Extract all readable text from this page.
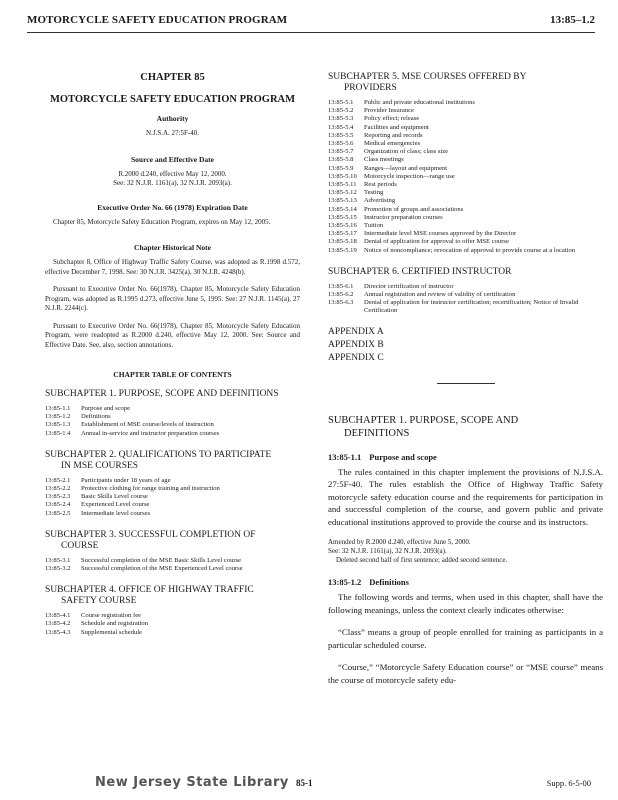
MOTORCYCLE SAFETY EDUCATION PROGRAM	13:85–1.2
CHAPTER 85
MOTORCYCLE SAFETY EDUCATION PROGRAM
Authority
N.J.S.A. 27:5F-40.
Source and Effective Date
R.2000 d.240, effective May 12, 2000.
See: 32 N.J.R. 1161(a), 32 N.J.R. 2093(a).
Executive Order No. 66 (1978) Expiration Date
Chapter 85, Motorcycle Safety Education Program, expires on May 12, 2005.
Chapter Historical Note
Subchapter 8, Office of Highway Traffic Safety Course, was adopted as R.1998 d.572, effective December 7, 1998. See: 30 N.J.R. 3425(a), 30 N.J.R. 4248(b).
Pursuant to Executive Order No. 66(1978), Chapter 85, Motorcycle Safety Education Program, was adopted as R.1995 d.273, effective June 5, 1995. See: 27 N.J.R. 1145(a), 27 N.J.R. 2244(c).
Pursuant to Executive Order No. 66(1978), Chapter 85, Motorcycle Safety Education Program, were readopted as R.2000 d.240, effective May 12, 2000. See: Source and Effective Date. See, also, section annotations.
CHAPTER TABLE OF CONTENTS
SUBCHAPTER 1. PURPOSE, SCOPE AND DEFINITIONS
13:85-1.1	Purpose and scope
13:85-1.2	Definitions
13:85-1.3	Establishment of MSE course/levels of instruction
13:85-1.4	Annual in-service and instructor preparation courses
SUBCHAPTER 2. QUALIFICATIONS TO PARTICIPATE
IN MSE COURSES
13:85-2.1	Participants under 18 years of age
13:85-2.2	Protective clothing for range training and instruction
13:85-2.3	Basic Skills Level course
13:85-2.4	Experienced Level course
13:85-2.5	Intermediate level courses
SUBCHAPTER 3. SUCCESSFUL COMPLETION OF
COURSE
13:85-3.1	Successful completion of the MSE Basic Skills Level course
13:85-3.2	Successful completion of the MSE Experienced Level course
SUBCHAPTER 4. OFFICE OF HIGHWAY TRAFFIC
SAFETY COURSE
13:85-4.1	Course registration fee
13:85-4.2	Schedule and registration
13:85-4.3	Supplemental schedule
SUBCHAPTER 5. MSE COURSES OFFERED BY
PROVIDERS
13:85-5.1	Public and private educational institutions
13:85-5.2	Provider Insurance
13:85-5.3	Policy effect; release
13:85-5.4	Facilities and equipment
13:85-5.5	Reporting and records
13:85-5.6	Medical emergencies
13:85-5.7	Organization of class; class size
13:85-5.8	Class meetings
13:85-5.9	Ranges—layout and equipment
13:85-5.10	Motorcycle inspection—range use
13:85-5.11	Rest periods
13:85-5.12	Testing
13:85-5.13	Advertising
13:85-5.14	Promotion of groups and associations
13:85-5.15	Instructor preparation courses
13:85-5.16	Tuition
13:85-5.17	Intermediate level MSE courses approved by the Director
13:85-5.18	Denial of application for approval to offer MSE course
13:85-5.19	Notice of noncompliance; revocation of approval to provide course at a location
SUBCHAPTER 6. CERTIFIED INSTRUCTOR
13:85-6.1	Director certification of instructor
13:85-6.2	Annual registration and review of validity of certification
13:85-6.3	Denial of application for instructor certification; recertification; Notice of Invalid Certification
APPENDIX A
APPENDIX B
APPENDIX C
SUBCHAPTER 1. PURPOSE, SCOPE AND
DEFINITIONS
13:85-1.1 Purpose and scope

The rules contained in this chapter implement the provisions of N.J.S.A. 27:5F-40. The rules establish the Office of Highway Traffic Safety motorcycle safety education course and the requirements for participation in and successful completion of the course, and govern public and private educational institutions approved to provide the course and its instructors.

Amended by R.2000 d.240, effective June 5, 2000.
See: 32 N.J.R. 1161(a), 32 N.J.R. 2093(a).
Deleted second half of first sentence; added second sentence.
13:85-1.2 Definitions

The following words and terms, when used in this chapter, shall have the following meanings, unless the context clearly indicates otherwise:

“Class” means a group of people enrolled for training as participants in a particular scheduled course.

“Course,” “Motorcycle Safety Education course” or “MSE course” means the course of motorcycle safety edu-

New Jersey State Library 85-1	Supp. 6-5-00
